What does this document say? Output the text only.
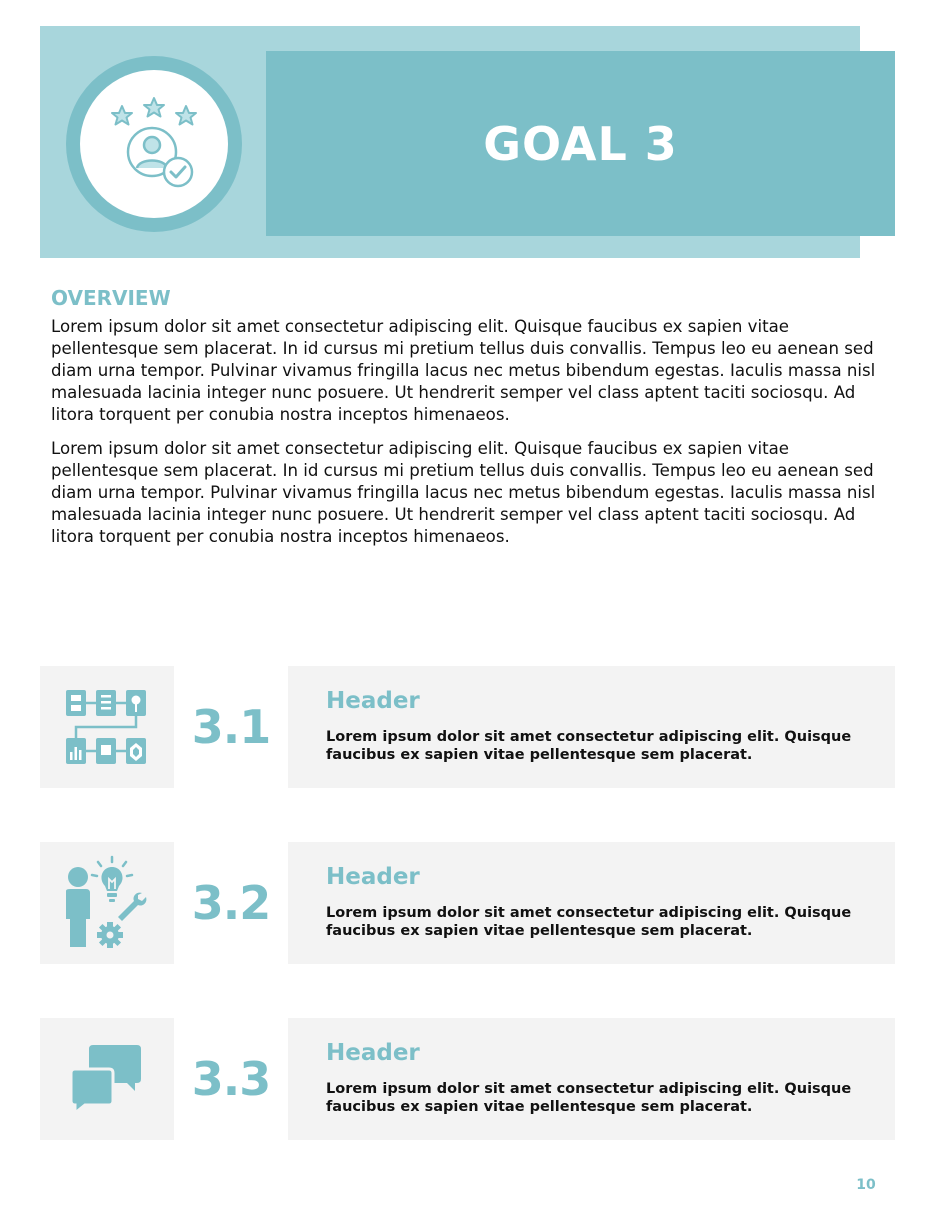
GOAL 3
OVERVIEW

Lorem ipsum dolor sit amet consectetur adipiscing elit. Quisque faucibus ex sapien vitae pellentesque sem placerat. In id cursus mi pretium tellus duis convallis. Tempus leo eu aenean sed diam urna tempor. Pulvinar vivamus fringilla lacus nec metus bibendum egestas. Iaculis massa nisl malesuada lacinia integer nunc posuere. Ut hendrerit semper vel class aptent taciti sociosqu. Ad litora torquent per conubia nostra inceptos himenaeos.

Lorem ipsum dolor sit amet consectetur adipiscing elit. Quisque faucibus ex sapien vitae pellentesque sem placerat. In id cursus mi pretium tellus duis convallis. Tempus leo eu aenean sed diam urna tempor. Pulvinar vivamus fringilla lacus nec metus bibendum egestas. Iaculis massa nisl malesuada lacinia integer nunc posuere. Ut hendrerit semper vel class aptent taciti sociosqu. Ad litora torquent per conubia nostra inceptos himenaeos.

3.1	Header
Lorem ipsum dolor sit amet consectetur adipiscing elit. Quisque faucibus ex sapien vitae pellentesque sem placerat.
3.2	Header
Lorem ipsum dolor sit amet consectetur adipiscing elit. Quisque faucibus ex sapien vitae pellentesque sem placerat.
3.3	Header
Lorem ipsum dolor sit amet consectetur adipiscing elit. Quisque faucibus ex sapien vitae pellentesque sem placerat.
10
